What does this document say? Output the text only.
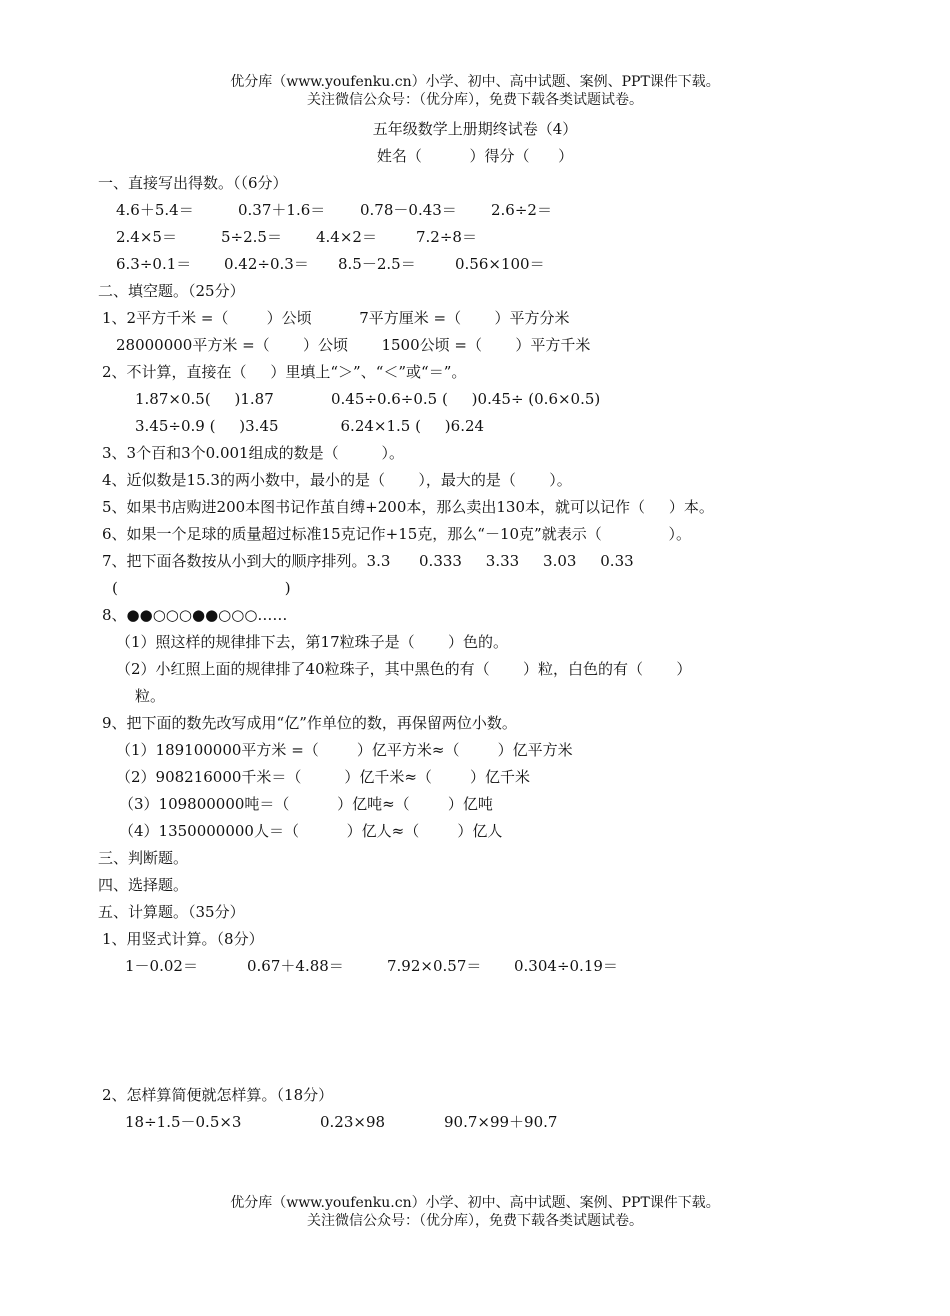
优分库（www.youfenku.cn）小学、初中、高中试题、案例、PPT课件下载。
关注微信公众号：（优分库），免费下载各类试题试卷。
五年级数学上册期终试卷（4）
姓名（          ）得分（      ）
一、直接写出得数。（（6分）
4.6＋5.4＝	0.37＋1.6＝ 0.78－0.43＝ 2.6÷2＝
2.4×5＝	5÷2.5＝ 4.4×2＝	7.2÷8＝
6.3÷0.1＝ 0.42÷0.3＝ 8.5－2.5＝	0.56×100＝
二、填空题。（25分）
1、2平方千米 =（        ）公顷          7平方厘米 =（       ）平方分米
28000000平方米 =（       ）公顷       1500公顷 =（       ）平方千米
2、不计算，直接在（     ）里填上“＞”、“＜”或“＝”。
1.87×0.5(     )1.87            0.45÷0.6÷0.5 (     )0.45÷ (0.6×0.5)
3.45÷0.9 (     )3.45             6.24×1.5 (     )6.24
3、3个百和3个0.001组成的数是（         ）。
4、近似数是15.3的两小数中，最小的是（       ），最大的是（       ）。
5、如果书店购进200本图书记作茧自缚+200本，那么卖出130本，就可以记作（     ）本。
6、如果一个足球的质量超过标准15克记作+15克，那么“－10克”就表示（              ）。
7、把下面各数按从小到大的顺序排列。3.3      0.333     3.33     3.03     0.33
(                                   )
8、●●○○○●●○○○……
（1）照这样的规律排下去，第17粒珠子是（       ）色的。
（2）小红照上面的规律排了40粒珠子，其中黑色的有（       ）粒，白色的有（       ）
粒。
9、把下面的数先改写成用“亿”作单位的数，再保留两位小数。
（1）189100000平方米 =（        ）亿平方米≈（        ）亿平方米
（2）908216000千米＝（         ）亿千米≈（        ）亿千米
（3）109800000吨＝（          ）亿吨≈（        ）亿吨
（4）1350000000人＝（          ）亿人≈（        ）亿人
三、判断题。
四、选择题。
五、计算题。（35分）
1、用竖式计算。（8分）
1－0.02＝	0.67＋4.88＝	7.92×0.57＝ 0.304÷0.19＝
2、怎样算简便就怎样算。（18分）
18÷1.5－0.5×3	0.23×98	90.7×99＋90.7
优分库（www.youfenku.cn）小学、初中、高中试题、案例、PPT课件下载。
关注微信公众号：（优分库），免费下载各类试题试卷。
